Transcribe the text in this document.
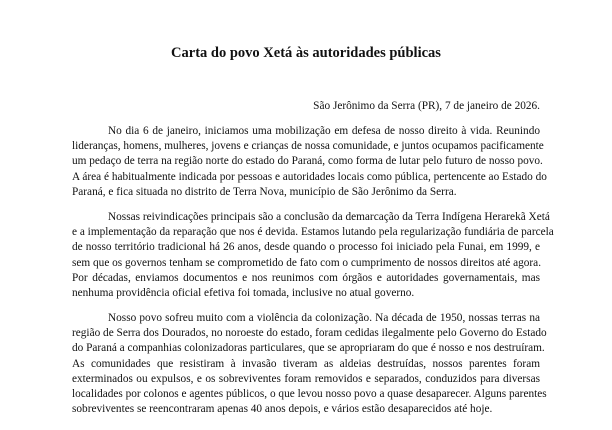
Carta do povo Xetá às autoridades públicas

São Jerônimo da Serra (PR), 7 de janeiro de 2026.

No dia 6 de janeiro, iniciamos uma mobilização em defesa de nosso direito à vida. Reunindo
lideranças, homens, mulheres, jovens e crianças de nossa comunidade, e juntos ocupamos pacificamente
um pedaço de terra na região norte do estado do Paraná, como forma de lutar pelo futuro de nosso povo.
A área é habitualmente indicada por pessoas e autoridades locais como pública, pertencente ao Estado do
Paraná, e fica situada no distrito de Terra Nova, município de São Jerônimo da Serra.
Nossas reivindicações principais são a conclusão da demarcação da Terra Indígena Herarekã Xetá
e a implementação da reparação que nos é devida. Estamos lutando pela regularização fundiária de parcela
de nosso território tradicional há 26 anos, desde quando o processo foi iniciado pela Funai, em 1999, e
sem que os governos tenham se comprometido de fato com o cumprimento de nossos direitos até agora.
Por décadas, enviamos documentos e nos reunimos com órgãos e autoridades governamentais, mas
nenhuma providência oficial efetiva foi tomada, inclusive no atual governo.
Nosso povo sofreu muito com a violência da colonização. Na década de 1950, nossas terras na
região de Serra dos Dourados, no noroeste do estado, foram cedidas ilegalmente pelo Governo do Estado
do Paraná a companhias colonizadoras particulares, que se apropriaram do que é nosso e nos destruíram.
As comunidades que resistiram à invasão tiveram as aldeias destruídas, nossos parentes foram
exterminados ou expulsos, e os sobreviventes foram removidos e separados, conduzidos para diversas
localidades por colonos e agentes públicos, o que levou nosso povo a quase desaparecer. Alguns parentes
sobreviventes se reencontraram apenas 40 anos depois, e vários estão desaparecidos até hoje.
